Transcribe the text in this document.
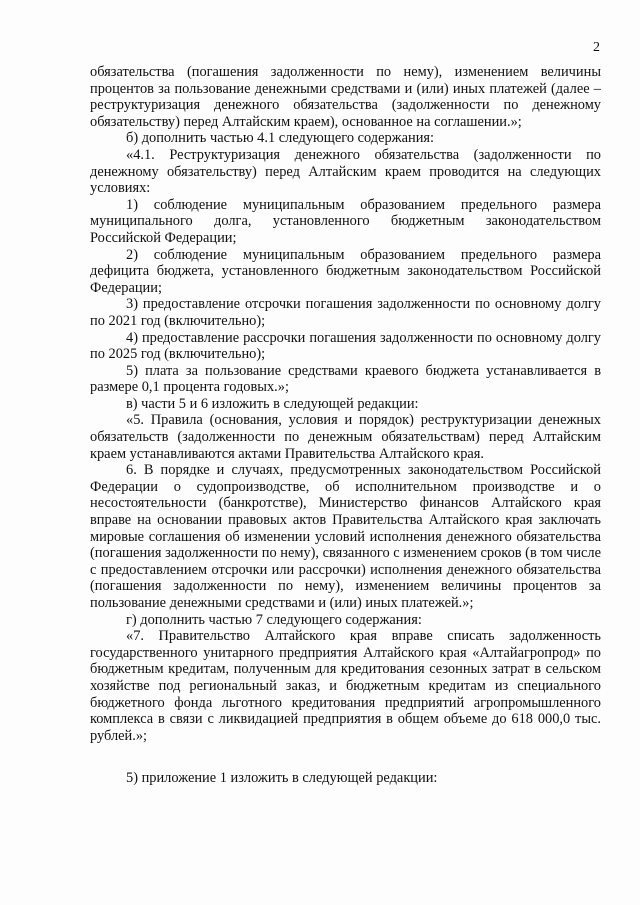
2

обязательства (погашения задолженности по нему), изменением величины процентов за пользование денежными средствами и (или) иных платежей (далее – реструктуризация денежного обязательства (задолженности по денежному обязательству) перед Алтайским краем), основанное на соглашении.»;

б) дополнить частью 4.1 следующего содержания:

«4.1. Реструктуризация денежного обязательства (задолженности по денежному обязательству) перед Алтайским краем проводится на следующих условиях:

1) соблюдение муниципальным образованием предельного размера муниципального долга, установленного бюджетным законодательством Российской Федерации;

2) соблюдение муниципальным образованием предельного размера дефицита бюджета, установленного бюджетным законодательством Российской Федерации;

3) предоставление отсрочки погашения задолженности по основному долгу по 2021 год (включительно);

4) предоставление рассрочки погашения задолженности по основному долгу по 2025 год (включительно);

5) плата за пользование средствами краевого бюджета устанавливается в размере 0,1 процента годовых.»;

в) части 5 и 6 изложить в следующей редакции:

«5. Правила (основания, условия и порядок) реструктуризации денежных обязательств (задолженности по денежным обязательствам) перед Алтайским краем устанавливаются актами Правительства Алтайского края.

6. В порядке и случаях, предусмотренных законодательством Российской Федерации о судопроизводстве, об исполнительном производстве и о несостоятельности (банкротстве), Министерство финансов Алтайского края вправе на основании правовых актов Правительства Алтайского края заключать мировые соглашения об изменении условий исполнения денежного обязательства (погашения задолженности по нему), связанного с изменением сроков (в том числе с предоставлением отсрочки или рассрочки) исполнения денежного обязательства (погашения задолженности по нему), изменением величины процентов за пользование денежными средствами и (или) иных платежей.»;

г) дополнить частью 7 следующего содержания:

«7. Правительство Алтайского края вправе списать задолженность государственного унитарного предприятия Алтайского края «Алтайагропрод» по бюджетным кредитам, полученным для кредитования сезонных затрат в сельском хозяйстве под региональный заказ, и бюджетным кредитам из специального бюджетного фонда льготного кредитования предприятий агропромышленного комплекса в связи с ликвидацией предприятия в общем объеме до 618 000,0 тыс. рублей.»;

5) приложение 1 изложить в следующей редакции:
